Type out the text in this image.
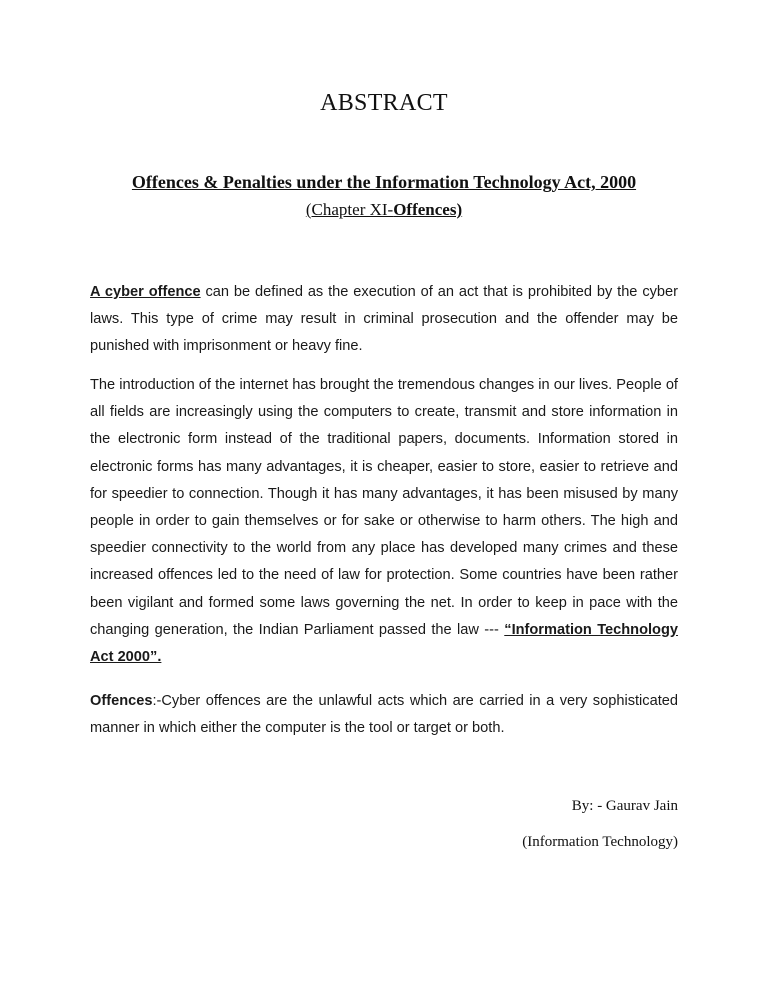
ABSTRACT
Offences & Penalties under the Information Technology Act, 2000
(Chapter XI-Offences)

A cyber offence can be defined as the execution of an act that is prohibited by the cyber laws. This type of crime may result in criminal prosecution and the offender may be punished with imprisonment or heavy fine.

The introduction of the internet has brought the tremendous changes in our lives. People of all fields are increasingly using the computers to create, transmit and store information in the electronic form instead of the traditional papers, documents. Information stored in electronic forms has many advantages, it is cheaper, easier to store, easier to retrieve and for speedier to connection. Though it has many advantages, it has been misused by many people in order to gain themselves or for sake or otherwise to harm others. The high and speedier connectivity to the world from any place has developed many crimes and these increased offences led to the need of law for protection. Some countries have been rather been vigilant and formed some laws governing the net. In order to keep in pace with the changing generation, the Indian Parliament passed the law --- “Information Technology Act 2000”.

Offences:-Cyber offences are the unlawful acts which are carried in a very sophisticated manner in which either the computer is the tool or target or both.

By: - Gaurav Jain
(Information Technology)
